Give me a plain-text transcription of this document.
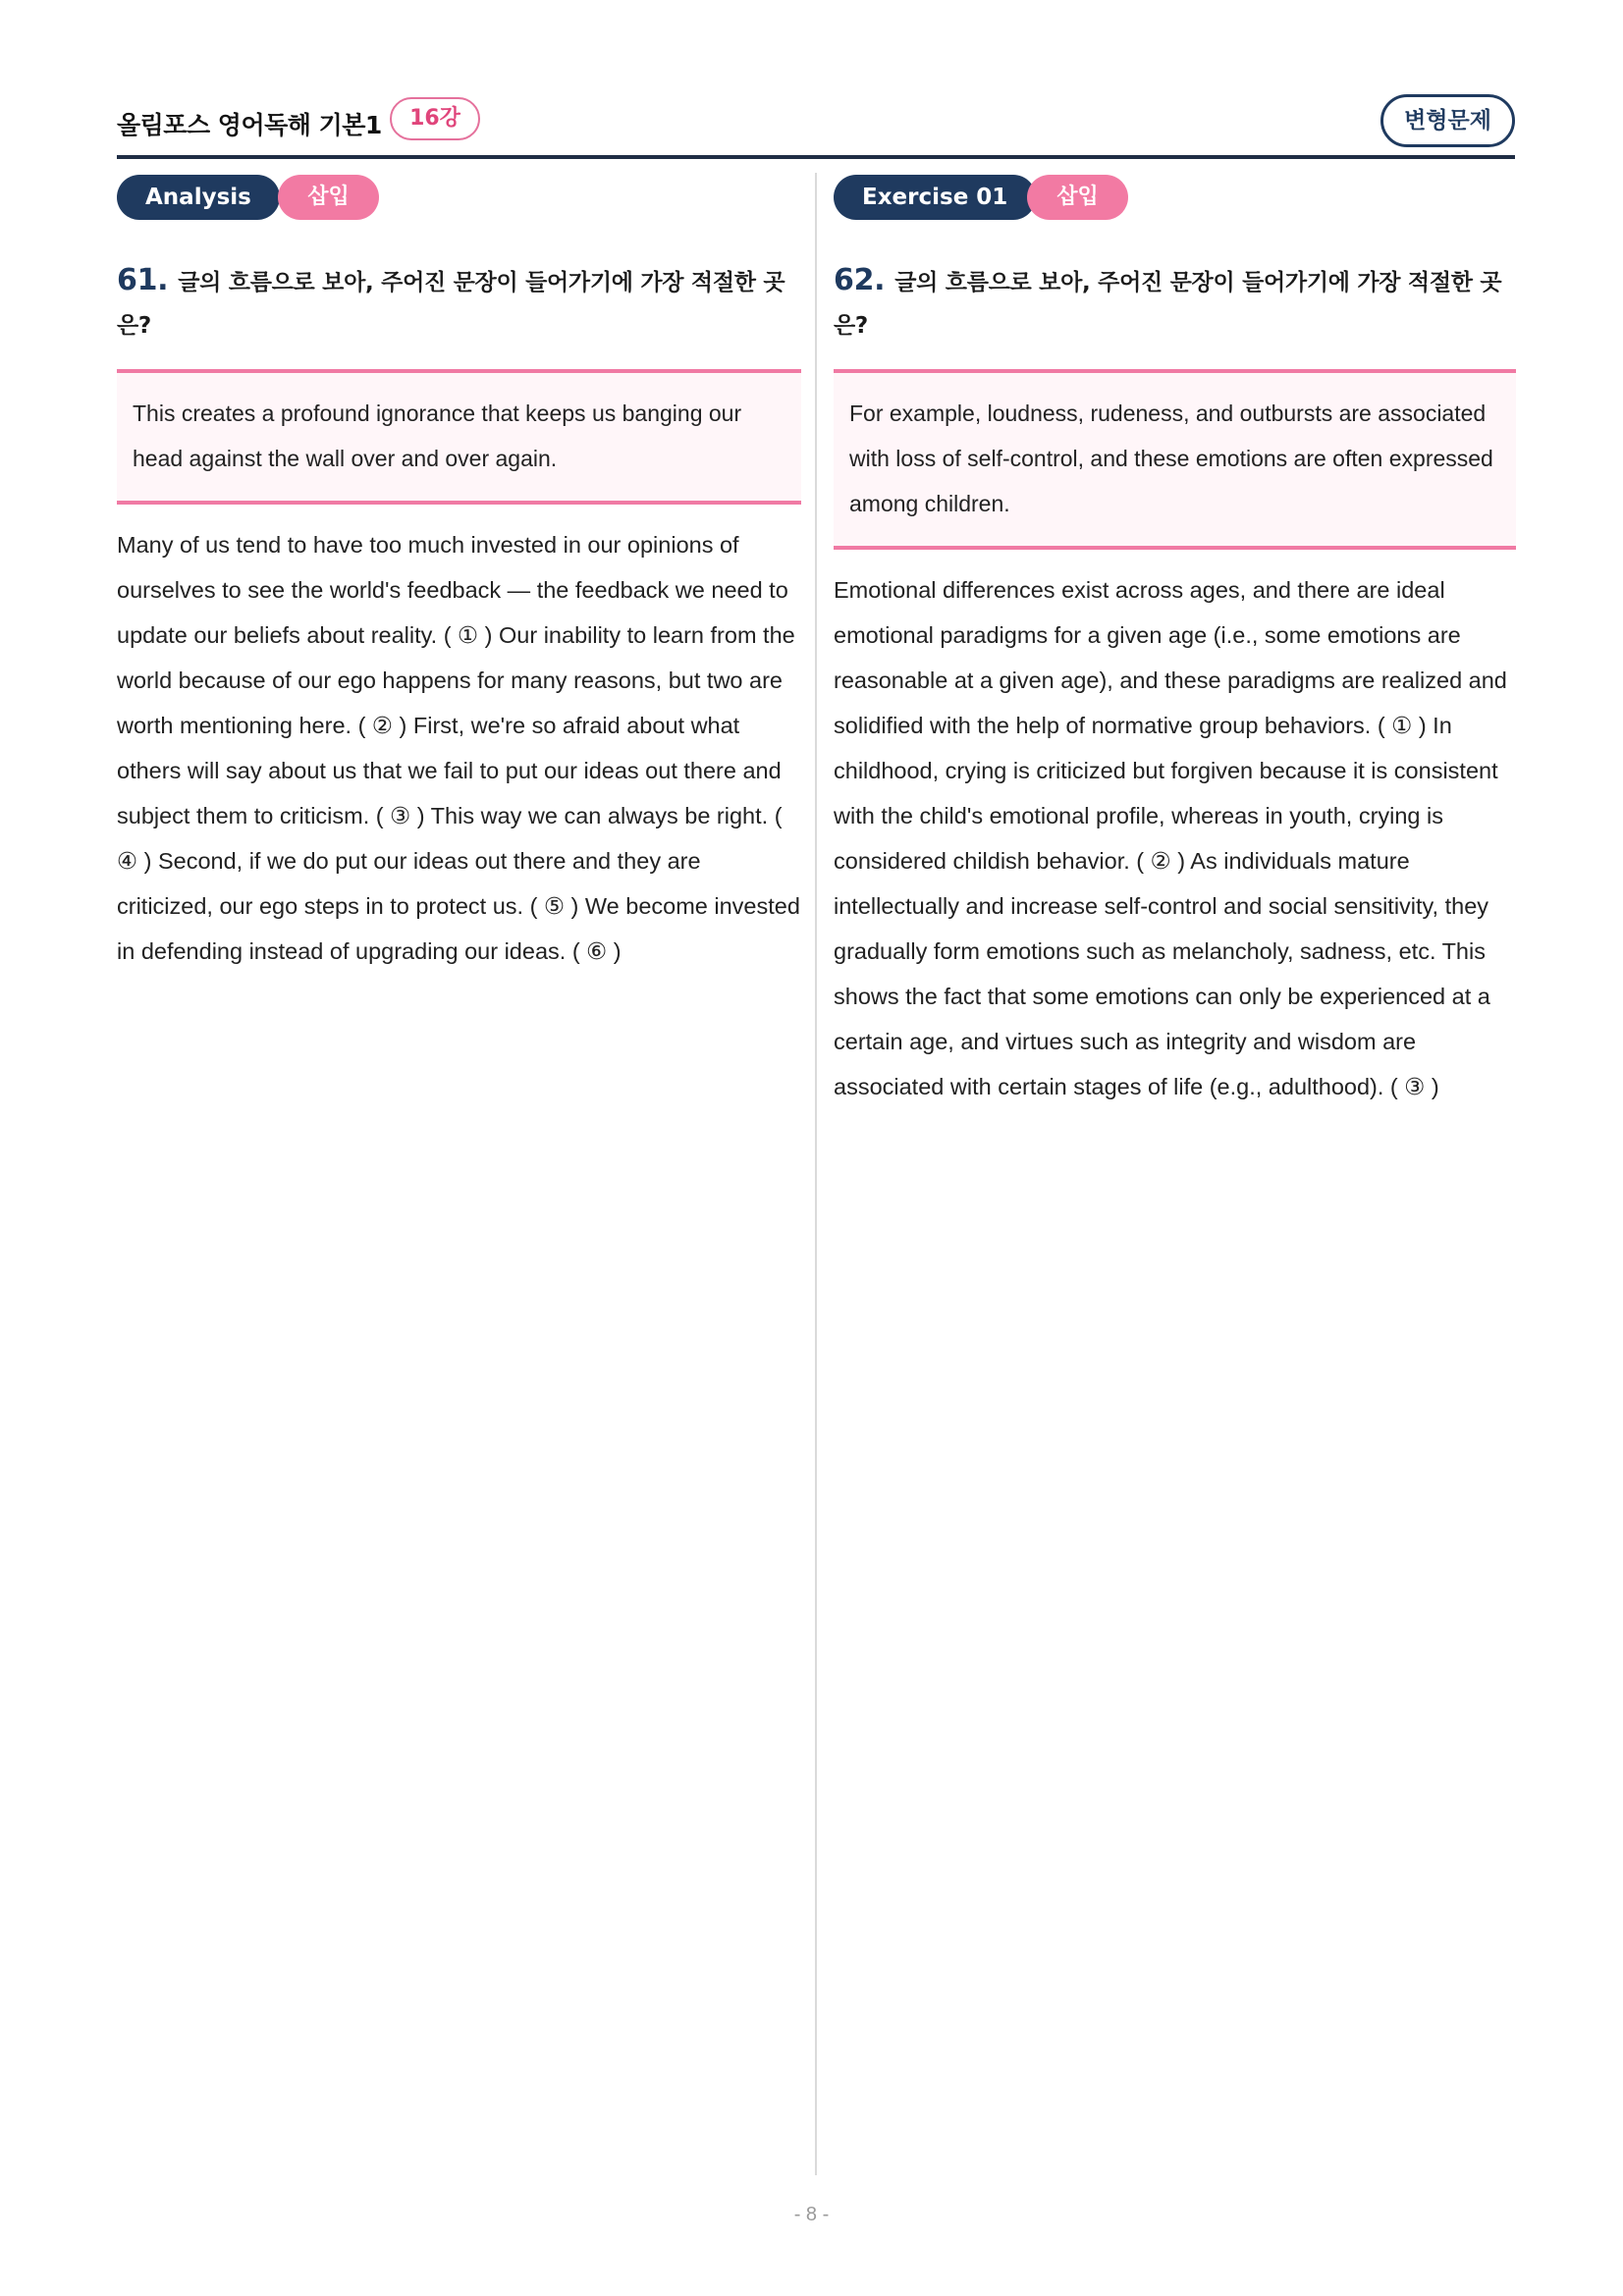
올림포스 영어독해 기본1	16강	변형문제
Analysis	삽입
61. 글의 흐름으로 보아, 주어진 문장이 들어가기에 가장 적절한 곳은?
This creates a profound ignorance that keeps us banging our head against the wall over and over again.
Many of us tend to have too much invested in our opinions of ourselves to see the world's feedback — the feedback we need to update our beliefs about reality. ( ① ) Our inability to learn from the world because of our ego happens for many reasons, but two are worth mentioning here. ( ② ) First, we're so afraid about what others will say about us that we fail to put our ideas out there and subject them to criticism. ( ③ ) This way we can always be right. ( ④ ) Second, if we do put our ideas out there and they are criticized, our ego steps in to protect us. ( ⑤ ) We become invested in defending instead of upgrading our ideas. ( ⑥ )
Exercise 01	삽입
62. 글의 흐름으로 보아, 주어진 문장이 들어가기에 가장 적절한 곳은?
For example, loudness, rudeness, and outbursts are associated with loss of self-control, and these emotions are often expressed among children.
Emotional differences exist across ages, and there are ideal emotional paradigms for a given age (i.e., some emotions are reasonable at a given age), and these paradigms are realized and solidified with the help of normative group behaviors. ( ① ) In childhood, crying is criticized but forgiven because it is consistent with the child's emotional profile, whereas in youth, crying is considered childish behavior. ( ② ) As individuals mature intellectually and increase self-control and social sensitivity, they gradually form emotions such as melancholy, sadness, etc. This shows the fact that some emotions can only be experienced at a certain age, and virtues such as integrity and wisdom are associated with certain stages of life (e.g., adulthood). ( ③ )
- 8 -
